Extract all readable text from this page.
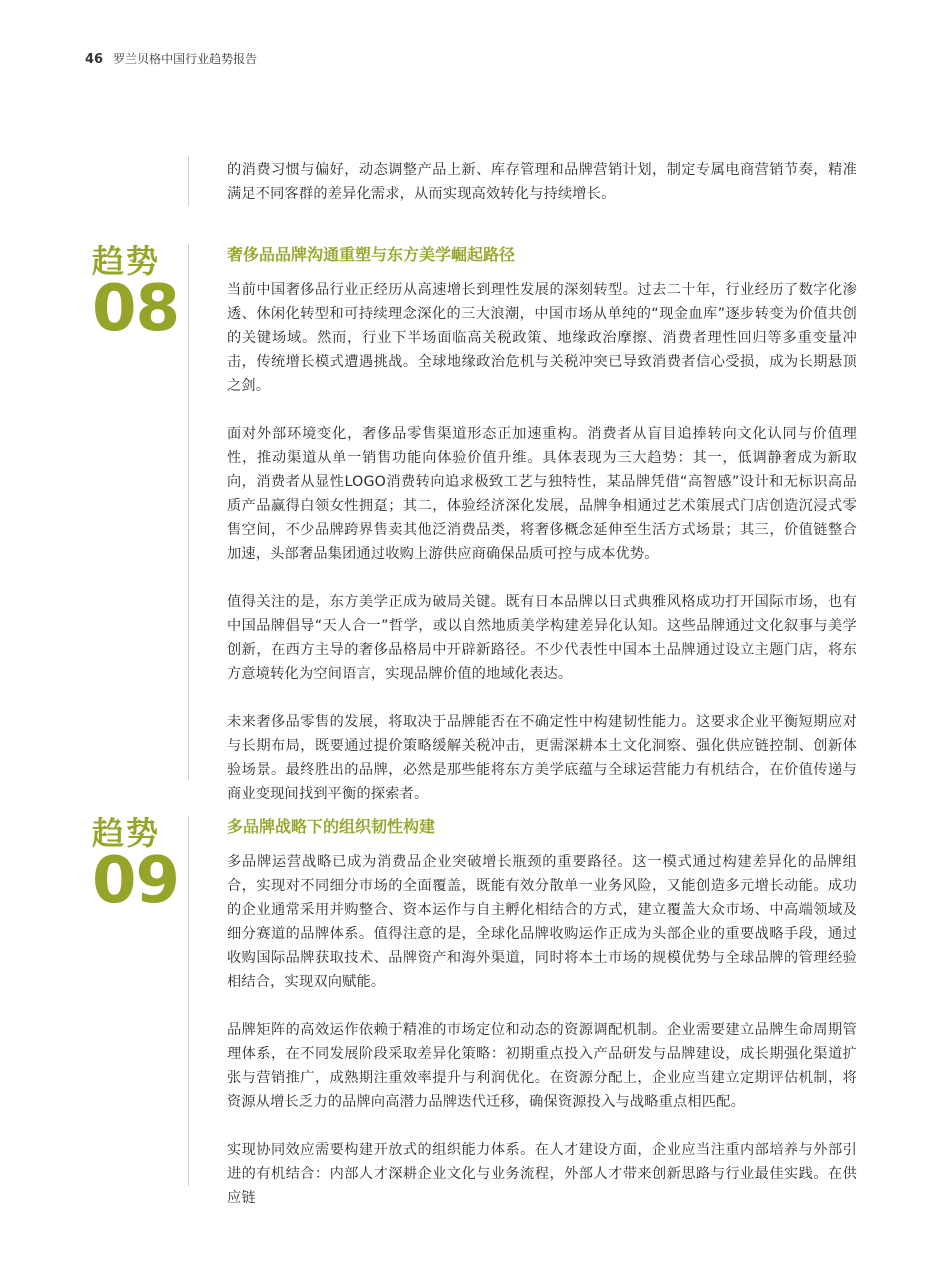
46 罗兰贝格中国行业趋势报告

的消费习惯与偏好，动态调整产品上新、库存管理和品牌营销计划，制定专属电商营销节奏，精准满足不同客群的差异化需求，从而实现高效转化与持续增长。

趋势
08
奢侈品品牌沟通重塑与东方美学崛起路径

当前中国奢侈品行业正经历从高速增长到理性发展的深刻转型。过去二十年，行业经历了数字化渗透、休闲化转型和可持续理念深化的三大浪潮，中国市场从单纯的“现金血库”逐步转变为价值共创的关键场域。然而，行业下半场面临高关税政策、地缘政治摩擦、消费者理性回归等多重变量冲击，传统增长模式遭遇挑战。全球地缘政治危机与关税冲突已导致消费者信心受损，成为长期悬顶之剑。

面对外部环境变化，奢侈品零售渠道形态正加速重构。消费者从盲目追捧转向文化认同与价值理性，推动渠道从单一销售功能向体验价值升维。具体表现为三大趋势：其一，低调静奢成为新取向，消费者从显性LOGO消费转向追求极致工艺与独特性，某品牌凭借“高智感”设计和无标识高品质产品赢得白领女性拥趸；其二，体验经济深化发展，品牌争相通过艺术策展式门店创造沉浸式零售空间，不少品牌跨界售卖其他泛消费品类，将奢侈概念延伸至生活方式场景；其三，价值链整合加速，头部奢品集团通过收购上游供应商确保品质可控与成本优势。

值得关注的是，东方美学正成为破局关键。既有日本品牌以日式典雅风格成功打开国际市场，也有中国品牌倡导“天人合一”哲学，或以自然地质美学构建差异化认知。这些品牌通过文化叙事与美学创新，在西方主导的奢侈品格局中开辟新路径。不少代表性中国本土品牌通过设立主题门店，将东方意境转化为空间语言，实现品牌价值的地域化表达。

未来奢侈品零售的发展，将取决于品牌能否在不确定性中构建韧性能力。这要求企业平衡短期应对与长期布局，既要通过提价策略缓解关税冲击，更需深耕本土文化洞察、强化供应链控制、创新体验场景。最终胜出的品牌，必然是那些能将东方美学底蕴与全球运营能力有机结合，在价值传递与商业变现间找到平衡的探索者。

趋势
09
多品牌战略下的组织韧性构建

多品牌运营战略已成为消费品企业突破增长瓶颈的重要路径。这一模式通过构建差异化的品牌组合，实现对不同细分市场的全面覆盖，既能有效分散单一业务风险，又能创造多元增长动能。成功的企业通常采用并购整合、资本运作与自主孵化相结合的方式，建立覆盖大众市场、中高端领域及细分赛道的品牌体系。值得注意的是，全球化品牌收购运作正成为头部企业的重要战略手段，通过收购国际品牌获取技术、品牌资产和海外渠道，同时将本土市场的规模优势与全球品牌的管理经验相结合，实现双向赋能。

品牌矩阵的高效运作依赖于精准的市场定位和动态的资源调配机制。企业需要建立品牌生命周期管理体系，在不同发展阶段采取差异化策略：初期重点投入产品研发与品牌建设，成长期强化渠道扩张与营销推广，成熟期注重效率提升与利润优化。在资源分配上，企业应当建立定期评估机制，将资源从增长乏力的品牌向高潜力品牌迭代迁移，确保资源投入与战略重点相匹配。

实现协同效应需要构建开放式的组织能力体系。在人才建设方面，企业应当注重内部培养与外部引进的有机结合：内部人才深耕企业文化与业务流程，外部人才带来创新思路与行业最佳实践。在供应链
